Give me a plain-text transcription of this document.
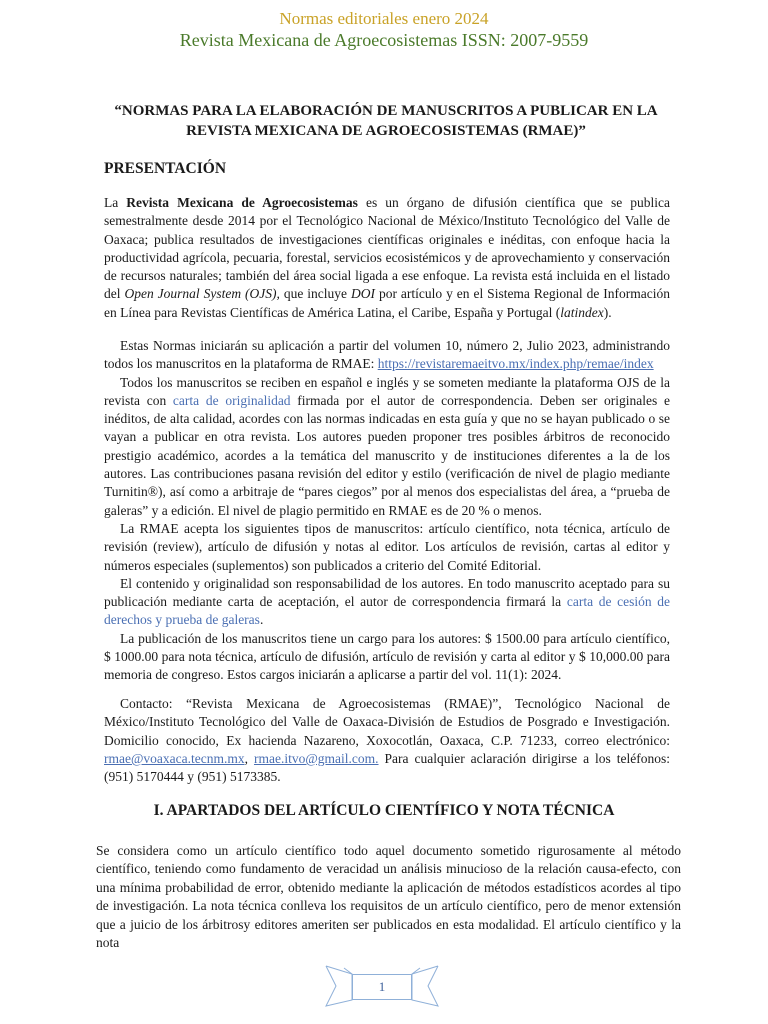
Normas editoriales enero 2024
Revista Mexicana de Agroecosistemas ISSN: 2007-9559
“NORMAS PARA LA ELABORACIÓN DE MANUSCRITOS A PUBLICAR EN LA REVISTA MEXICANA DE AGROECOSISTEMAS (RMAE)”
PRESENTACIÓN

La Revista Mexicana de Agroecosistemas es un órgano de difusión científica que se publica semestralmente desde 2014 por el Tecnológico Nacional de México/Instituto Tecnológico del Valle de Oaxaca; publica resultados de investigaciones científicas originales e inéditas, con enfoque hacia la productividad agrícola, pecuaria, forestal, servicios ecosistémicos y de aprovechamiento y conservación de recursos naturales; también del área social ligada a ese enfoque. La revista está incluida en el listado del Open Journal System (OJS), que incluye DOI por artículo y en el Sistema Regional de Información en Línea para Revistas Científicas de América Latina, el Caribe, España y Portugal (latindex).

Estas Normas iniciarán su aplicación a partir del volumen 10, número 2, Julio 2023, administrando todos los manuscritos en la plataforma de RMAE: https://revistaremaeitvo.mx/index.php/remae/index

Todos los manuscritos se reciben en español e inglés y se someten mediante la plataforma OJS de la revista con carta de originalidad firmada por el autor de correspondencia. Deben ser originales e inéditos, de alta calidad, acordes con las normas indicadas en esta guía y que no se hayan publicado o se vayan a publicar en otra revista. Los autores pueden proponer tres posibles árbitros de reconocido prestigio académico, acordes a la temática del manuscrito y de instituciones diferentes a la de los autores. Las contribuciones pasana revisión del editor y estilo (verificación de nivel de plagio mediante Turnitin®), así como a arbitraje de “pares ciegos” por al menos dos especialistas del área, a “prueba de galeras” y a edición. El nivel de plagio permitido en RMAE es de 20 % o menos.

La RMAE acepta los siguientes tipos de manuscritos: artículo científico, nota técnica, artículo de revisión (review), artículo de difusión y notas al editor. Los artículos de revisión, cartas al editor y números especiales (suplementos) son publicados a criterio del Comité Editorial.

El contenido y originalidad son responsabilidad de los autores. En todo manuscrito aceptado para su publicación mediante carta de aceptación, el autor de correspondencia firmará la carta de cesión de derechos y prueba de galeras.

La publicación de los manuscritos tiene un cargo para los autores: $ 1500.00 para artículo científico, $ 1000.00 para nota técnica, artículo de difusión, artículo de revisión y carta al editor y $ 10,000.00 para memoria de congreso. Estos cargos iniciarán a aplicarse a partir del vol. 11(1): 2024.

Contacto: “Revista Mexicana de Agroecosistemas (RMAE)”, Tecnológico Nacional de México/Instituto Tecnológico del Valle de Oaxaca-División de Estudios de Posgrado e Investigación. Domicilio conocido, Ex hacienda Nazareno, Xoxocotlán, Oaxaca, C.P. 71233, correo electrónico: rmae@voaxaca.tecnm.mx, rmae.itvo@gmail.com. Para cualquier aclaración dirigirse a los teléfonos: (951) 5170444 y (951) 5173385.

I. APARTADOS DEL ARTÍCULO CIENTÍFICO Y NOTA TÉCNICA
Se considera como un artículo científico todo aquel documento sometido rigurosamente al método científico, teniendo como fundamento de veracidad un análisis minucioso de la relación causa-efecto, con una mínima probabilidad de error, obtenido mediante la aplicación de métodos estadísticos acordes al tipo de investigación. La nota técnica conlleva los requisitos de un artículo científico, pero de menor extensión que a juicio de los árbitrosy editores ameriten ser publicados en esta modalidad. El artículo científico y la nota
1
